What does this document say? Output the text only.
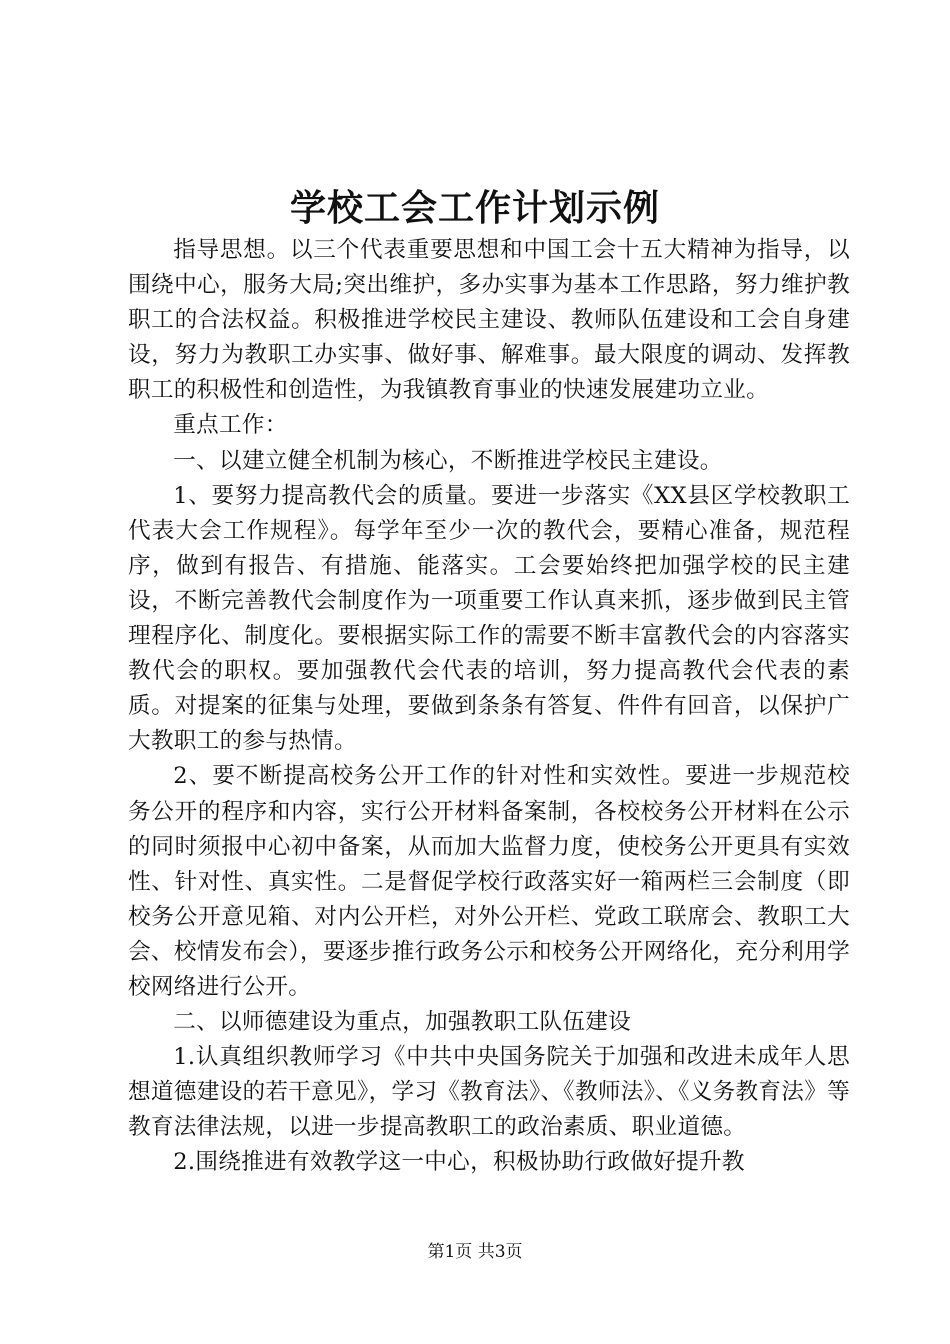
学校工会工作计划示例

指导思想。以三个代表重要思想和中国工会十五大精神为指导，以围绕中心，服务大局;突出维护，多办实事为基本工作思路，努力维护教职工的合法权益。积极推进学校民主建设、教师队伍建设和工会自身建设，努力为教职工办实事、做好事、解难事。最大限度的调动、发挥教职工的积极性和创造性，为我镇教育事业的快速发展建功立业。

重点工作：

一、以建立健全机制为核心，不断推进学校民主建设。

1、要努力提高教代会的质量。要进一步落实《XX县区学校教职工代表大会工作规程》。每学年至少一次的教代会，要精心准备，规范程序，做到有报告、有措施、能落实。工会要始终把加强学校的民主建设，不断完善教代会制度作为一项重要工作认真来抓，逐步做到民主管理程序化、制度化。要根据实际工作的需要不断丰富教代会的内容落实教代会的职权。要加强教代会代表的培训，努力提高教代会代表的素质。对提案的征集与处理，要做到条条有答复、件件有回音，以保护广大教职工的参与热情。

2、要不断提高校务公开工作的针对性和实效性。要进一步规范校务公开的程序和内容，实行公开材料备案制，各校校务公开材料在公示的同时须报中心初中备案，从而加大监督力度，使校务公开更具有实效性、针对性、真实性。二是督促学校行政落实好一箱两栏三会制度（即校务公开意见箱、对内公开栏，对外公开栏、党政工联席会、教职工大会、校情发布会），要逐步推行政务公示和校务公开网络化，充分利用学校网络进行公开。

二、以师德建设为重点，加强教职工队伍建设

1.认真组织教师学习《中共中央国务院关于加强和改进未成年人思想道德建设的若干意见》，学习《教育法》、《教师法》、《义务教育法》等教育法律法规，以进一步提高教职工的政治素质、职业道德。

2.围绕推进有效教学这一中心，积极协助行政做好提升教

第1页 共3页
